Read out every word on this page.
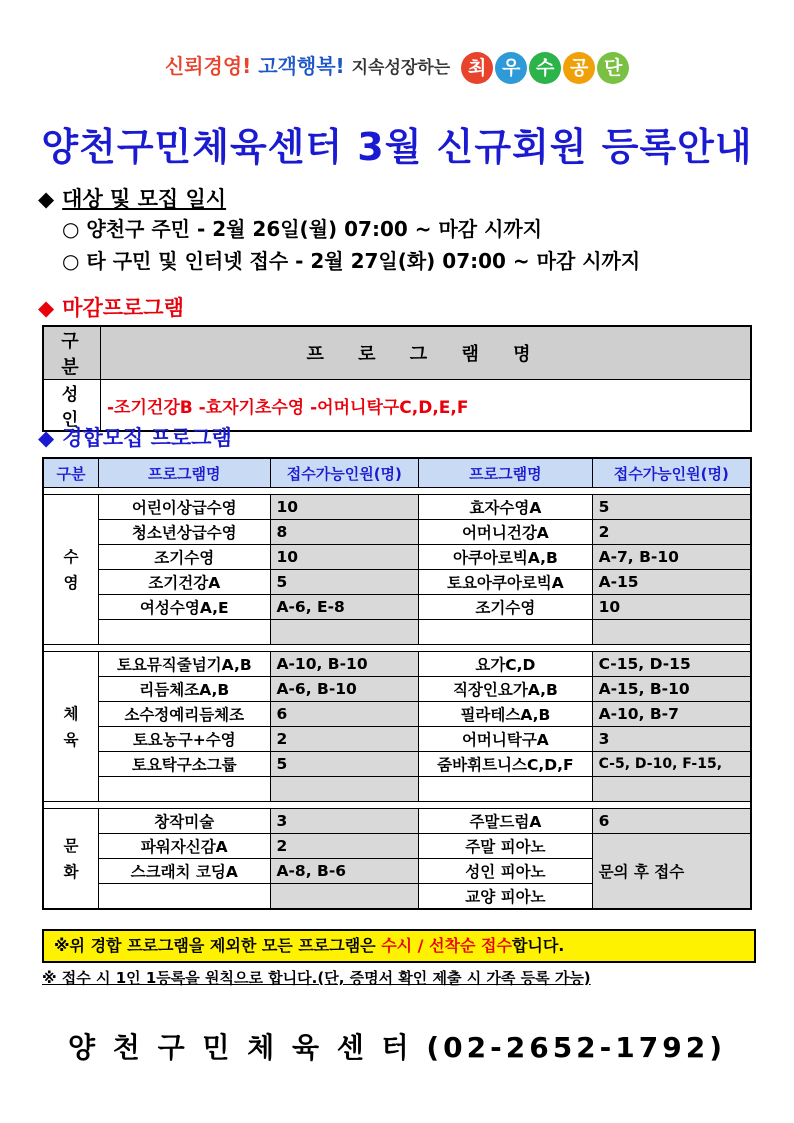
신뢰경영! 고객행복! 지속성장하는 최 우 수 공 단
양천구민체육센터 3월 신규회원 등록안내
◆ 대상 및 모집 일시
○ 양천구 주민 - 2월 26일(월) 07:00 ~ 마감 시까지
○ 타 구민 및 인터넷 접수 - 2월 27일(화) 07:00 ~ 마감 시까지
◆ 마감프로그램
구 분	프 로 그 램 명
성 인	-조기건강B -효자기초수영 -어머니탁구C,D,E,F
◆ 경합모집 프로그램
구분	프로그램명	접수가능인원(명)	프로그램명	접수가능인원(명)

수
영	어린이상급수영	10	효자수영A	5
	청소년상급수영	8	어머니건강A	2
	조기수영	10	아쿠아로빅A,B	A-7, B-10
	조기건강A	5	토요아쿠아로빅A	A-15
	여성수영A,E	A-6, E-8	조기수영	10

체
육	토요뮤직줄넘기A,B	A-10, B-10	요가C,D	C-15, D-15
	리듬체조A,B	A-6, B-10	직장인요가A,B	A-15, B-10
	소수정예리듬체조	6	필라테스A,B	A-10, B-7
	토요농구+수영	2	어머니탁구A	3
	토요탁구소그룹	5	줌바휘트니스C,D,F	C-5, D-10, F-15,

문
화	창작미술	3	주말드럼A	6
	파워자신감A	2	주말 피아노	문의 후 접수
	스크래치 코딩A	A-8, B-6	성인 피아노	
			교양 피아노	
※위 경합 프로그램을 제외한 모든 프로그램은 수시 / 선착순 접수합니다.
※ 접수 시 1인 1등록을 원칙으로 합니다.(단, 증명서 확인 제출 시 가족 등록 가능)
양 천 구 민 체 육 센 터 (02-2652-1792)
